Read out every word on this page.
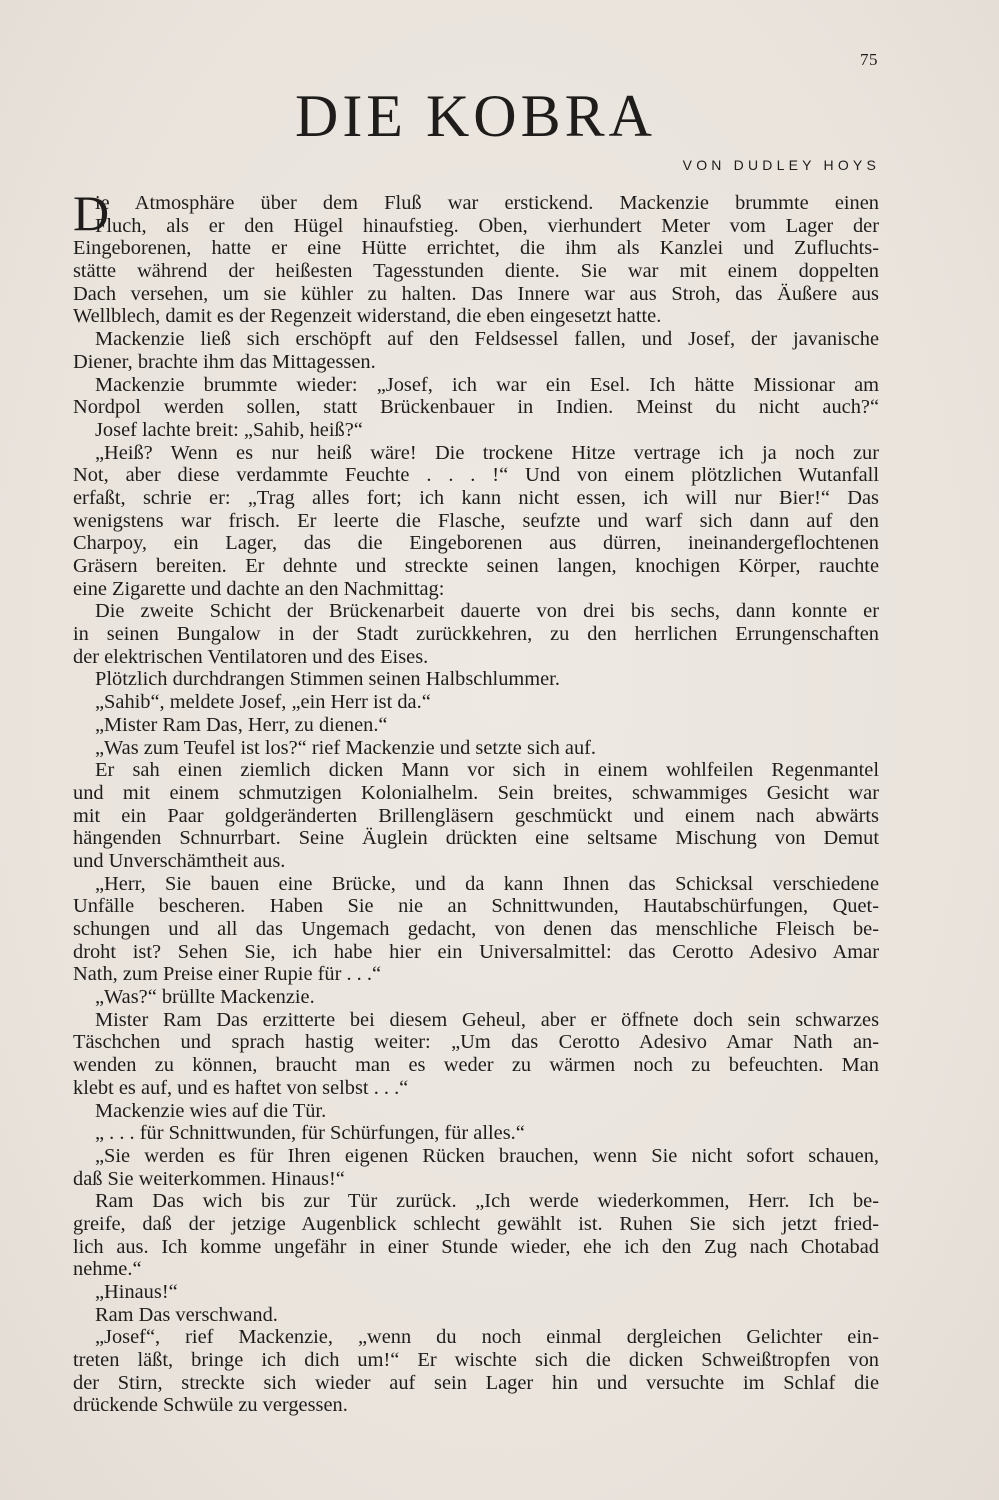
75
DIE KOBRA
VON DUDLEY HOYS
D
ie Atmosphäre über dem Fluß war erstickend. Mackenzie brummte einen
Fluch, als er den Hügel hinaufstieg. Oben, vierhundert Meter vom Lager der
Eingeborenen, hatte er eine Hütte errichtet, die ihm als Kanzlei und Zufluchts-
stätte während der heißesten Tagesstunden diente. Sie war mit einem doppelten
Dach versehen, um sie kühler zu halten. Das Innere war aus Stroh, das Äußere aus
Wellblech, damit es der Regenzeit widerstand, die eben eingesetzt hatte.
Mackenzie ließ sich erschöpft auf den Feldsessel fallen, und Josef, der javanische
Diener, brachte ihm das Mittagessen.
Mackenzie brummte wieder: „Josef, ich war ein Esel. Ich hätte Missionar am
Nordpol werden sollen, statt Brückenbauer in Indien. Meinst du nicht auch?“
Josef lachte breit: „Sahib, heiß?“
„Heiß? Wenn es nur heiß wäre! Die trockene Hitze vertrage ich ja noch zur
Not, aber diese verdammte Feuchte . . . !“ Und von einem plötzlichen Wutanfall
erfaßt, schrie er: „Trag alles fort; ich kann nicht essen, ich will nur Bier!“ Das
wenigstens war frisch. Er leerte die Flasche, seufzte und warf sich dann auf den
Charpoy, ein Lager, das die Eingeborenen aus dürren, ineinandergeflochtenen
Gräsern bereiten. Er dehnte und streckte seinen langen, knochigen Körper, rauchte
eine Zigarette und dachte an den Nachmittag:
Die zweite Schicht der Brückenarbeit dauerte von drei bis sechs, dann konnte er
in seinen Bungalow in der Stadt zurückkehren, zu den herrlichen Errungenschaften
der elektrischen Ventilatoren und des Eises.
Plötzlich durchdrangen Stimmen seinen Halbschlummer.
„Sahib“, meldete Josef, „ein Herr ist da.“
„Mister Ram Das, Herr, zu dienen.“
„Was zum Teufel ist los?“ rief Mackenzie und setzte sich auf.
Er sah einen ziemlich dicken Mann vor sich in einem wohlfeilen Regenmantel
und mit einem schmutzigen Kolonialhelm. Sein breites, schwammiges Gesicht war
mit ein Paar goldgeränderten Brillengläsern geschmückt und einem nach abwärts
hängenden Schnurrbart. Seine Äuglein drückten eine seltsame Mischung von Demut
und Unverschämtheit aus.
„Herr, Sie bauen eine Brücke, und da kann Ihnen das Schicksal verschiedene
Unfälle bescheren. Haben Sie nie an Schnittwunden, Hautabschürfungen, Quet-
schungen und all das Ungemach gedacht, von denen das menschliche Fleisch be-
droht ist? Sehen Sie, ich habe hier ein Universalmittel: das Cerotto Adesivo Amar
Nath, zum Preise einer Rupie für . . .“
„Was?“ brüllte Mackenzie.
Mister Ram Das erzitterte bei diesem Geheul, aber er öffnete doch sein schwarzes
Täschchen und sprach hastig weiter: „Um das Cerotto Adesivo Amar Nath an-
wenden zu können, braucht man es weder zu wärmen noch zu befeuchten. Man
klebt es auf, und es haftet von selbst . . .“
Mackenzie wies auf die Tür.
„ . . . für Schnittwunden, für Schürfungen, für alles.“
„Sie werden es für Ihren eigenen Rücken brauchen, wenn Sie nicht sofort schauen,
daß Sie weiterkommen. Hinaus!“
Ram Das wich bis zur Tür zurück. „Ich werde wiederkommen, Herr. Ich be-
greife, daß der jetzige Augenblick schlecht gewählt ist. Ruhen Sie sich jetzt fried-
lich aus. Ich komme ungefähr in einer Stunde wieder, ehe ich den Zug nach Chotabad
nehme.“
„Hinaus!“
Ram Das verschwand.
„Josef“, rief Mackenzie, „wenn du noch einmal dergleichen Gelichter ein-
treten läßt, bringe ich dich um!“ Er wischte sich die dicken Schweißtropfen von
der Stirn, streckte sich wieder auf sein Lager hin und versuchte im Schlaf die
drückende Schwüle zu vergessen.
